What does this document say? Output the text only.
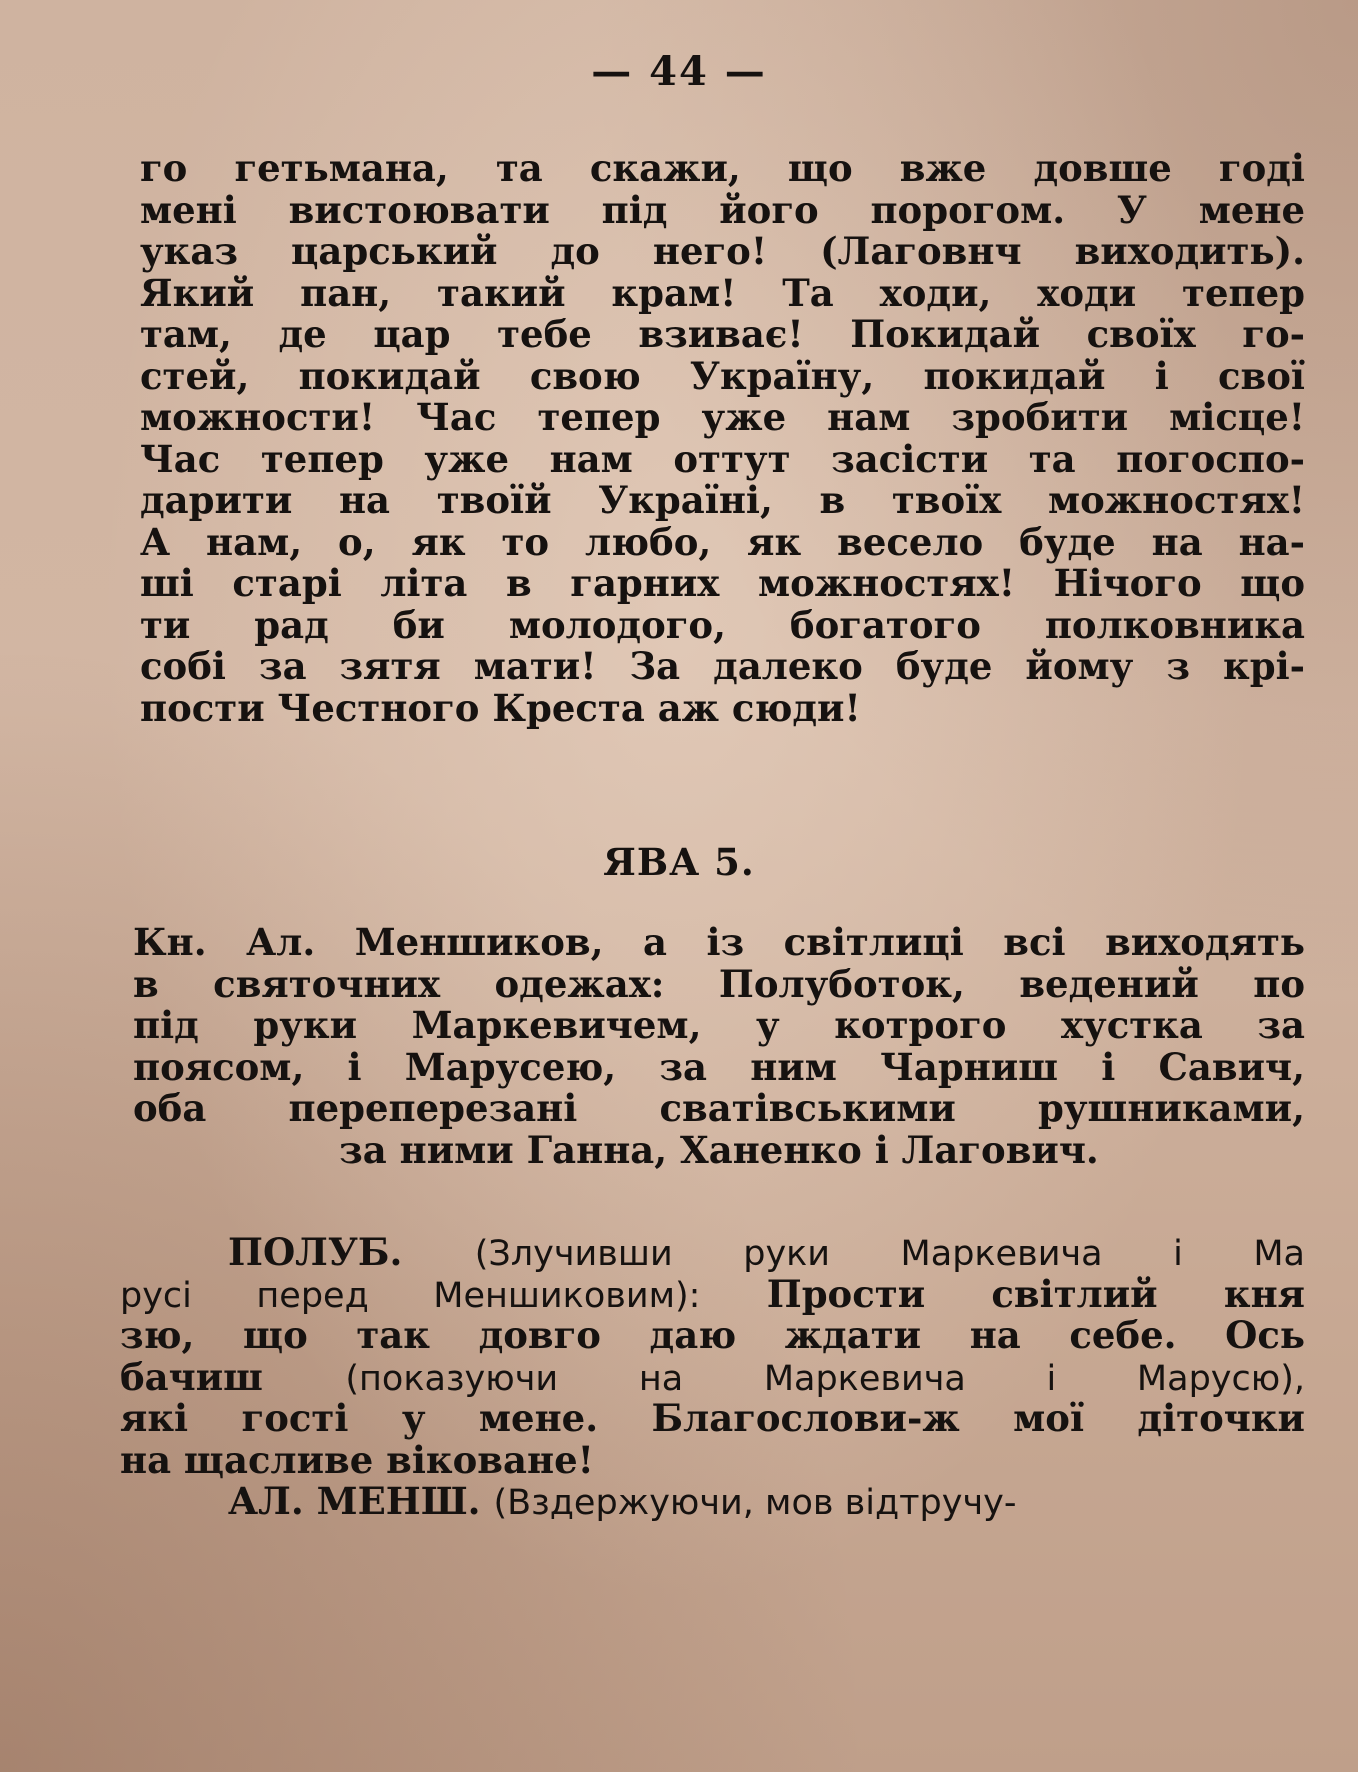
— 44 —
го гетьмана, та скажи, що вже довше годі
мені вистоювати під його порогом. У мене
указ царський до него! (Лаговнч виходить).
Який пан, такий крам! Та ходи, ходи тепер
там, де цар тебе взиває! Покидай своїх го-
стей, покидай свою Україну, покидай і свої
можности! Час тепер уже нам зробити місце!
Час тепер уже нам оттут засісти та погоспо-
дарити на твоїй Україні, в твоїх можностях!
А нам, о, як то любо, як весело буде на на-
ші старі літа в гарних можностях! Нічого що
ти рад би молодого, богатого полковника
собі за зятя мати! За далеко буде йому з крі-
пости Честного Креста аж сюди!
ЯВА 5.
Кн. Ал. Меншиков, а із світлиці всі виходять
в святочних одежах: Полуботок, ведений по
під руки Маркевичем, у котрого хустка за
поясом, і Марусею, за ним Чарниш і Савич,
оба переперезані сватівськими рушниками,
за ними Ганна, Ханенко і Лагович.
ПОЛУБ. (Злучивши руки Маркевича і Ма
русі перед Меншиковим): Прости світлий кня
зю, що так довго даю ждати на себе. Ось
бачиш (показуючи на Маркевича і Марусю),
які гості у мене. Благослови-ж мої діточки
на щасливе віковане!
АЛ. МЕНШ. (Вздержуючи, мов відтручу-
